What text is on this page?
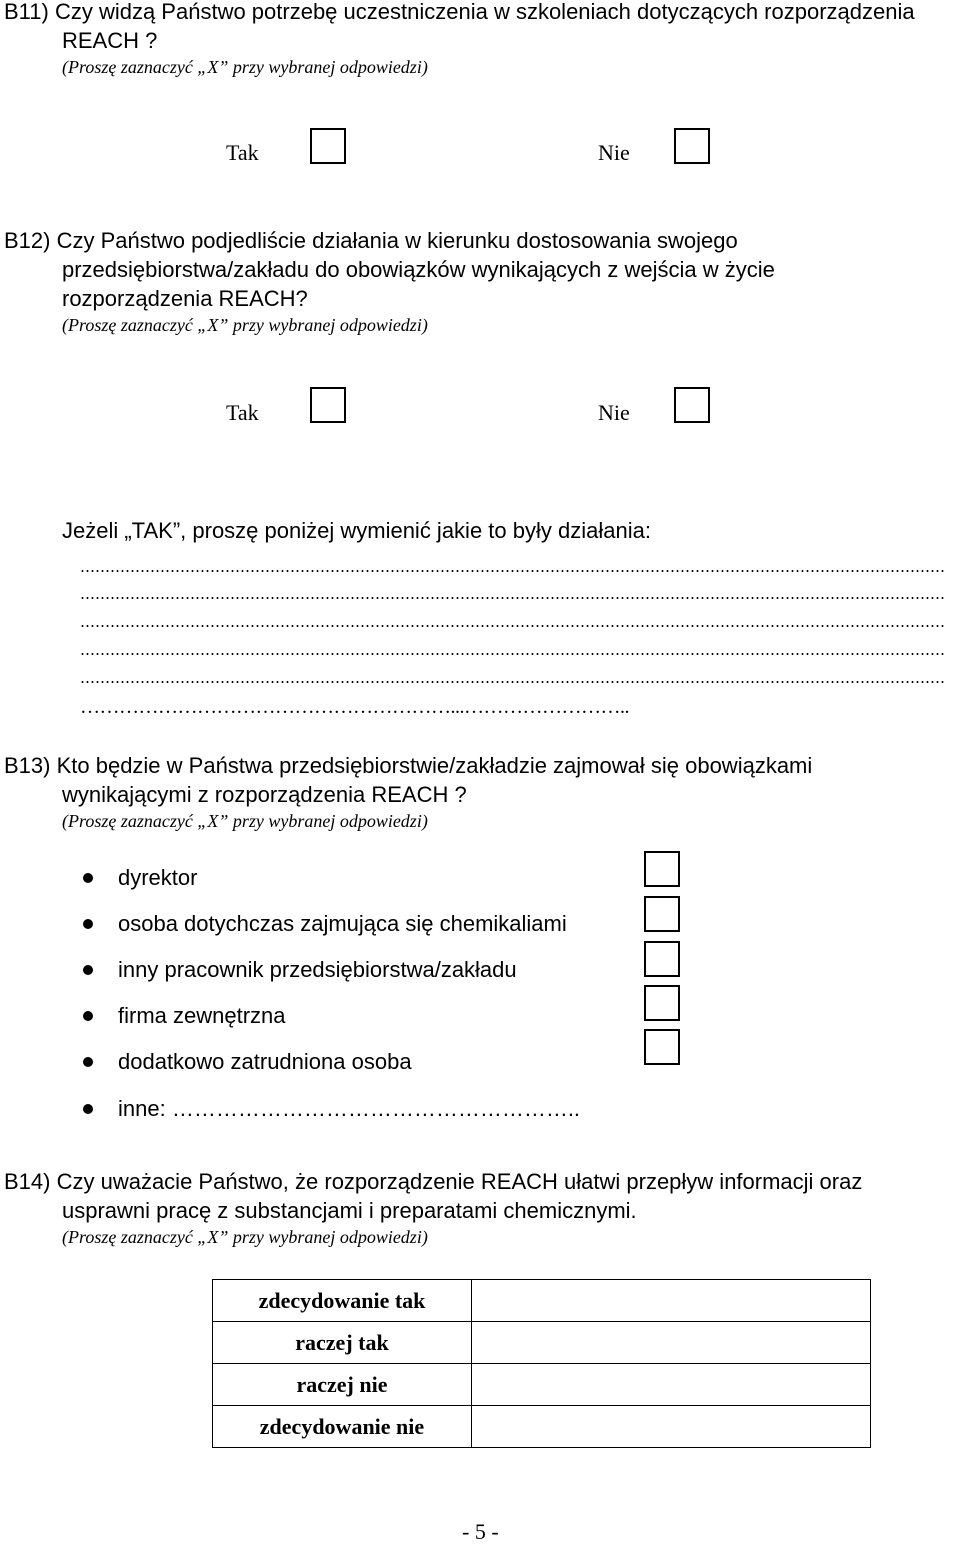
B11) Czy widzą Państwo potrzebę uczestniczenia w szkoleniach dotyczących rozporządzenia
REACH ?
(Proszę zaznaczyć „X” przy wybranej odpowiedzi)
Tak	Nie
B12) Czy Państwo podjedliście działania w kierunku dostosowania swojego
przedsiębiorstwa/zakładu do obowiązków wynikających z wejścia w życie
rozporządzenia REACH?
(Proszę zaznaczyć „X” przy wybranej odpowiedzi)
Tak	Nie
Jeżeli „TAK”, proszę poniżej wymienić jakie to były działania:
…………………………………………………...……………………..
B13) Kto będzie w Państwa przedsiębiorstwie/zakładzie zajmował się obowiązkami
wynikającymi z rozporządzenia REACH ?
(Proszę zaznaczyć „X” przy wybranej odpowiedzi)
dyrektor
osoba dotychczas zajmująca się chemikaliami
inny pracownik przedsiębiorstwa/zakładu
firma zewnętrzna
dodatkowo zatrudniona osoba
inne: ………………………………………………..
B14) Czy uważacie Państwo, że rozporządzenie REACH ułatwi przepływ informacji oraz
usprawni pracę z substancjami i preparatami chemicznymi.
(Proszę zaznaczyć „X” przy wybranej odpowiedzi)
zdecydowanie tak	
raczej tak	
raczej nie	
zdecydowanie nie	
- 5 -
